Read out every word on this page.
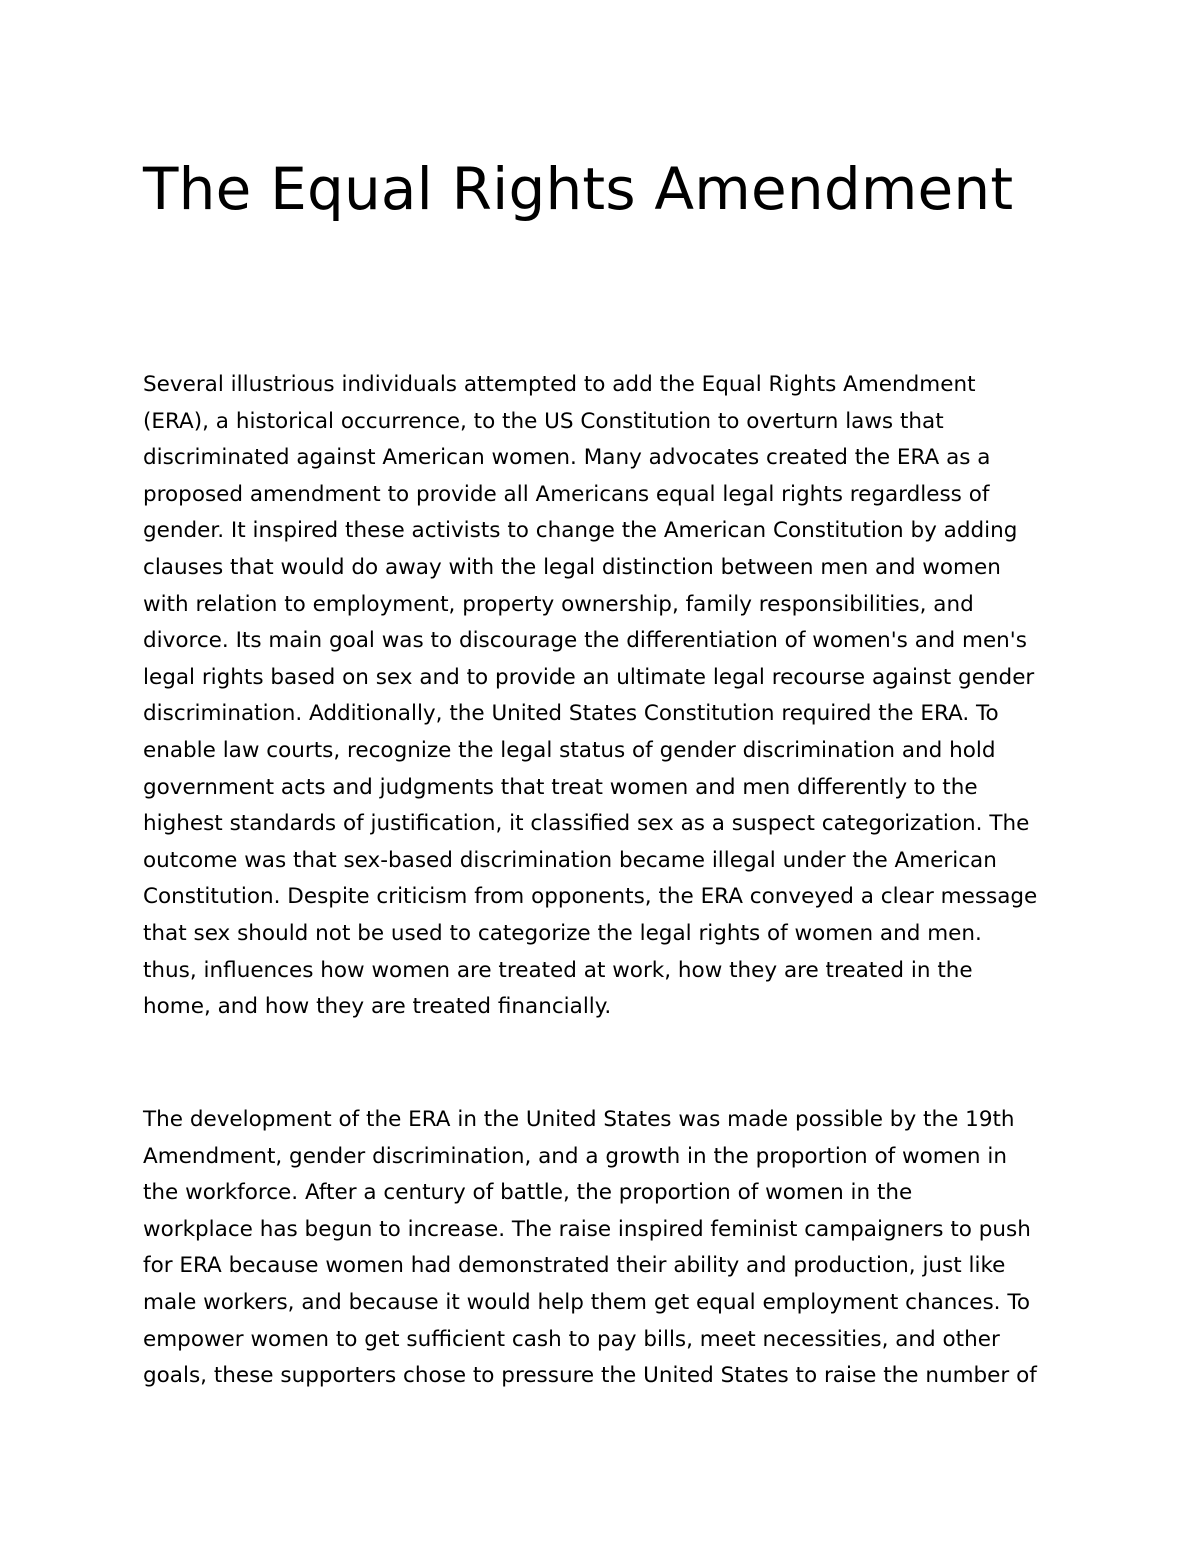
The Equal Rights Amendment
Several illustrious individuals attempted to add the Equal Rights Amendment
(ERA), a historical occurrence, to the US Constitution to overturn laws that
discriminated against American women. Many advocates created the ERA as a
proposed amendment to provide all Americans equal legal rights regardless of
gender. It inspired these activists to change the American Constitution by adding
clauses that would do away with the legal distinction between men and women
with relation to employment, property ownership, family responsibilities, and
divorce. Its main goal was to discourage the differentiation of women's and men's
legal rights based on sex and to provide an ultimate legal recourse against gender
discrimination. Additionally, the United States Constitution required the ERA. To
enable law courts, recognize the legal status of gender discrimination and hold
government acts and judgments that treat women and men differently to the
highest standards of justification, it classified sex as a suspect categorization. The
outcome was that sex-based discrimination became illegal under the American
Constitution. Despite criticism from opponents, the ERA conveyed a clear message
that sex should not be used to categorize the legal rights of women and men.
thus, influences how women are treated at work, how they are treated in the
home, and how they are treated financially.
The development of the ERA in the United States was made possible by the 19th
Amendment, gender discrimination, and a growth in the proportion of women in
the workforce. After a century of battle, the proportion of women in the
workplace has begun to increase. The raise inspired feminist campaigners to push
for ERA because women had demonstrated their ability and production, just like
male workers, and because it would help them get equal employment chances. To
empower women to get sufficient cash to pay bills, meet necessities, and other
goals, these supporters chose to pressure the United States to raise the number of
